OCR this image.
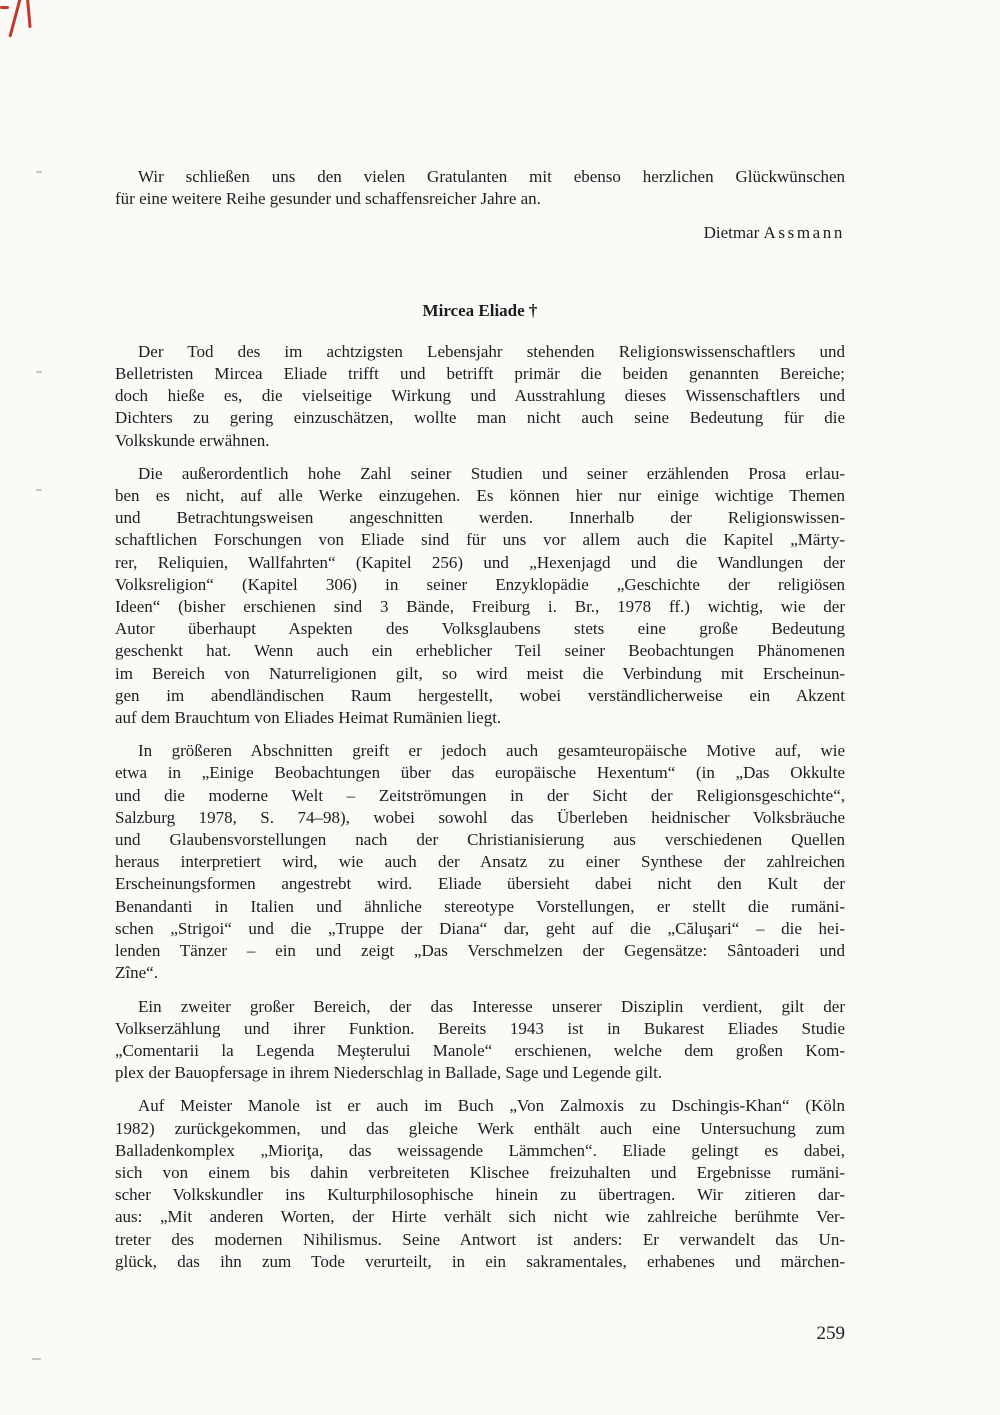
Wir schließen uns den vielen Gratulanten mit ebenso herzlichen Glückwünschen
für eine weitere Reihe gesunder und schaffensreicher Jahre an.
Dietmar Assmann
Mircea Eliade †
Der Tod des im achtzigsten Lebensjahr stehenden Religionswissenschaftlers und
Belletristen Mircea Eliade trifft und betrifft primär die beiden genannten Bereiche;
doch hieße es, die vielseitige Wirkung und Ausstrahlung dieses Wissenschaftlers und
Dichters zu gering einzuschätzen, wollte man nicht auch seine Bedeutung für die
Volkskunde erwähnen.
Die außerordentlich hohe Zahl seiner Studien und seiner erzählenden Prosa erlau-
ben es nicht, auf alle Werke einzugehen. Es können hier nur einige wichtige Themen
und Betrachtungsweisen angeschnitten werden. Innerhalb der Religionswissen-
schaftlichen Forschungen von Eliade sind für uns vor allem auch die Kapitel „Märty-
rer, Reliquien, Wallfahrten“ (Kapitel 256) und „Hexenjagd und die Wandlungen der
Volksreligion“ (Kapitel 306) in seiner Enzyklopädie „Geschichte der religiösen
Ideen“ (bisher erschienen sind 3 Bände, Freiburg i. Br., 1978 ff.) wichtig, wie der
Autor überhaupt Aspekten des Volksglaubens stets eine große Bedeutung
geschenkt hat. Wenn auch ein erheblicher Teil seiner Beobachtungen Phänomenen
im Bereich von Naturreligionen gilt, so wird meist die Verbindung mit Erscheinun-
gen im abendländischen Raum hergestellt, wobei verständlicherweise ein Akzent
auf dem Brauchtum von Eliades Heimat Rumänien liegt.
In größeren Abschnitten greift er jedoch auch gesamteuropäische Motive auf, wie
etwa in „Einige Beobachtungen über das europäische Hexentum“ (in „Das Okkulte
und die moderne Welt – Zeitströmungen in der Sicht der Religionsgeschichte“,
Salzburg 1978, S. 74–98), wobei sowohl das Überleben heidnischer Volksbräuche
und Glaubensvorstellungen nach der Christianisierung aus verschiedenen Quellen
heraus interpretiert wird, wie auch der Ansatz zu einer Synthese der zahlreichen
Erscheinungsformen angestrebt wird. Eliade übersieht dabei nicht den Kult der
Benandanti in Italien und ähnliche stereotype Vorstellungen, er stellt die rumäni-
schen „Strigoi“ und die „Truppe der Diana“ dar, geht auf die „Căluşari“ – die hei-
lenden Tänzer – ein und zeigt „Das Verschmelzen der Gegensätze: Sântoaderi und
Zîne“.
Ein zweiter großer Bereich, der das Interesse unserer Disziplin verdient, gilt der
Volkserzählung und ihrer Funktion. Bereits 1943 ist in Bukarest Eliades Studie
„Comentarii la Legenda Meşterului Manole“ erschienen, welche dem großen Kom-
plex der Bauopfersage in ihrem Niederschlag in Ballade, Sage und Legende gilt.
Auf Meister Manole ist er auch im Buch „Von Zalmoxis zu Dschingis-Khan“ (Köln
1982) zurückgekommen, und das gleiche Werk enthält auch eine Untersuchung zum
Balladenkomplex „Mioriţa, das weissagende Lämmchen“. Eliade gelingt es dabei,
sich von einem bis dahin verbreiteten Klischee freizuhalten und Ergebnisse rumäni-
scher Volkskundler ins Kulturphilosophische hinein zu übertragen. Wir zitieren dar-
aus: „Mit anderen Worten, der Hirte verhält sich nicht wie zahlreiche berühmte Ver-
treter des modernen Nihilismus. Seine Antwort ist anders: Er verwandelt das Un-
glück, das ihn zum Tode verurteilt, in ein sakramentales, erhabenes und märchen-
259
